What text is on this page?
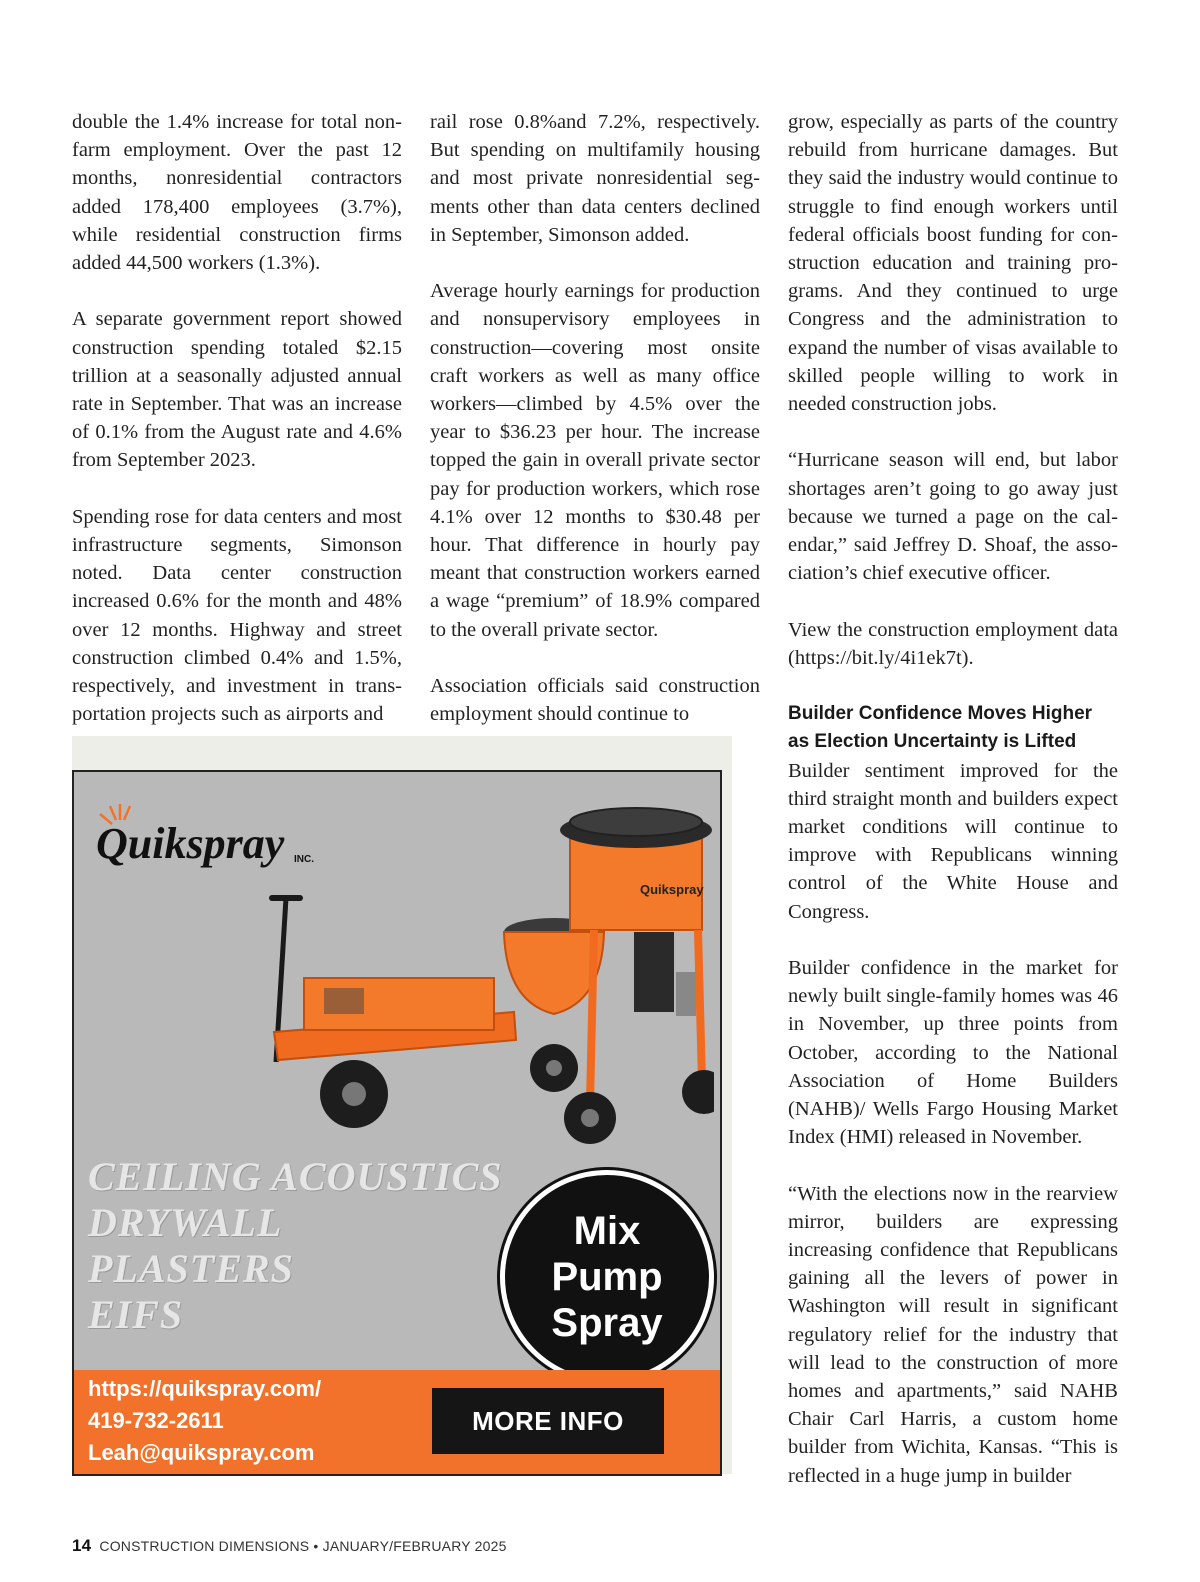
double the 1.4% increase for total nonfarm employment. Over the past 12 months, nonresidential contractors added 178,400 employees (3.7%), while residential construction firms added 44,500 workers (1.3%).

A separate government report showed construction spending totaled $2.15 trillion at a seasonally adjusted annual rate in September. That was an increase of 0.1% from the August rate and 4.6% from September 2023.

Spending rose for data centers and most infrastructure segments, Simonson noted. Data center construction increased 0.6% for the month and 48% over 12 months. Highway and street construction climbed 0.4% and 1.5%, respectively, and investment in transportation projects such as airports and

rail rose 0.8%and 7.2%, respectively. But spending on multifamily housing and most private nonresidential segments other than data centers declined in September, Simonson added.

Average hourly earnings for production and nonsupervisory employees in construction—covering most onsite craft workers as well as many office workers—climbed by 4.5% over the year to $36.23 per hour. The increase topped the gain in overall private sector pay for production workers, which rose 4.1% over 12 months to $30.48 per hour. That difference in hourly pay meant that construction workers earned a wage “premium” of 18.9% compared to the overall private sector.

Association officials said construction employment should continue to

grow, especially as parts of the country rebuild from hurricane damages. But they said the industry would continue to struggle to find enough workers until federal officials boost funding for construction education and training programs. And they continued to urge Congress and the administration to expand the number of visas available to skilled people willing to work in needed construction jobs.

“Hurricane season will end, but labor shortages aren’t going to go away just because we turned a page on the calendar,” said Jeffrey D. Shoaf, the association’s chief executive officer.

View the construction employment data (https://bit.ly/4i1ek7t).

Builder Confidence Moves Higher as Election Uncertainty is Lifted

Builder sentiment improved for the third straight month and builders expect market conditions will continue to improve with Republicans winning control of the White House and Congress.

Builder confidence in the market for newly built single-family homes was 46 in November, up three points from October, according to the National Association of Home Builders (NAHB)/ Wells Fargo Housing Market Index (HMI) released in November.

“With the elections now in the rearview mirror, builders are expressing increasing confidence that Republicans gaining all the levers of power in Washington will result in significant regulatory relief for the industry that will lead to the construction of more homes and apartments,” said NAHB Chair Carl Harris, a custom home builder from Wichita, Kansas. “This is reflected in a huge jump in builder

Quikspray
Quikspray INC.
CEILING ACOUSTICS
DRYWALL
PLASTERS
EIFS
Mix
Pump
Spray
https://quikspray.com/
419-732-2611
Leah@quikspray.com
MORE INFO
14 CONSTRUCTION DIMENSIONS • JANUARY/FEBRUARY 2025
